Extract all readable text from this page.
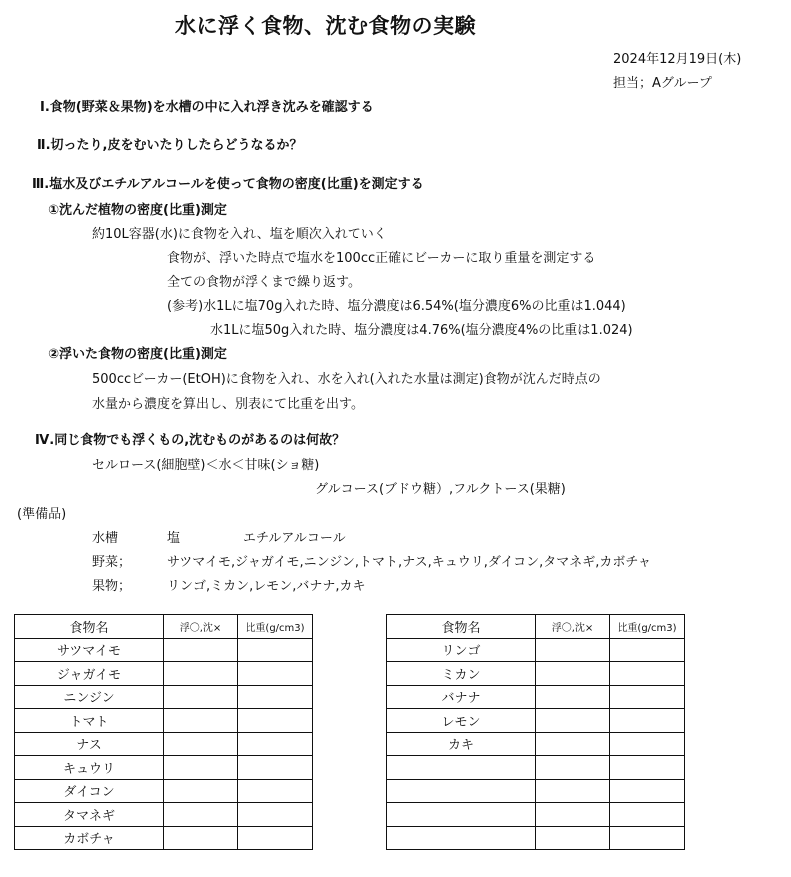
水に浮く食物、沈む食物の実験
2024年12月19日(木)
担当；Aグループ
Ⅰ.食物(野菜＆果物)を水槽の中に入れ浮き沈みを確認する
Ⅱ.切ったり,皮をむいたりしたらどうなるか？
Ⅲ.塩水及びエチルアルコールを使って食物の密度(比重)を測定する
①沈んだ植物の密度(比重)測定
約10L容器(水)に食物を入れ、塩を順次入れていく
食物が、浮いた時点で塩水を100cc正確にビーカーに取り重量を測定する
全ての食物が浮くまで繰り返す。
(参考)水1Lに塩70g入れた時、塩分濃度は6.54%(塩分濃度6%の比重は1.044)
水1Lに塩50g入れた時、塩分濃度は4.76%(塩分濃度4%の比重は1.024)
②浮いた食物の密度(比重)測定
500ccビーカー(EtOH)に食物を入れ、水を入れ(入れた水量は測定)食物が沈んだ時点の
水量から濃度を算出し、別表にて比重を出す。
Ⅳ.同じ食物でも浮くもの,沈むものがあるのは何故？
セルロース(細胞壁)＜水＜甘味(ショ糖)
グルコース(ブドウ糖）,フルクトース(果糖)
(準備品)
水槽	塩	エチルアルコール
野菜；	サツマイモ,ジャガイモ,ニンジン,トマト,ナス,キュウリ,ダイコン,タマネギ,カボチャ
果物；	リンゴ,ミカン,レモン,バナナ,カキ
食物名	浮〇,沈×	比重(g/cm3)
サツマイモ		
ジャガイモ		
ニンジン		
トマト		
ナス		
キュウリ		
ダイコン		
タマネギ		
カボチャ		
食物名	浮〇,沈×	比重(g/cm3)
リンゴ		
ミカン		
バナナ		
レモン		
カキ		
